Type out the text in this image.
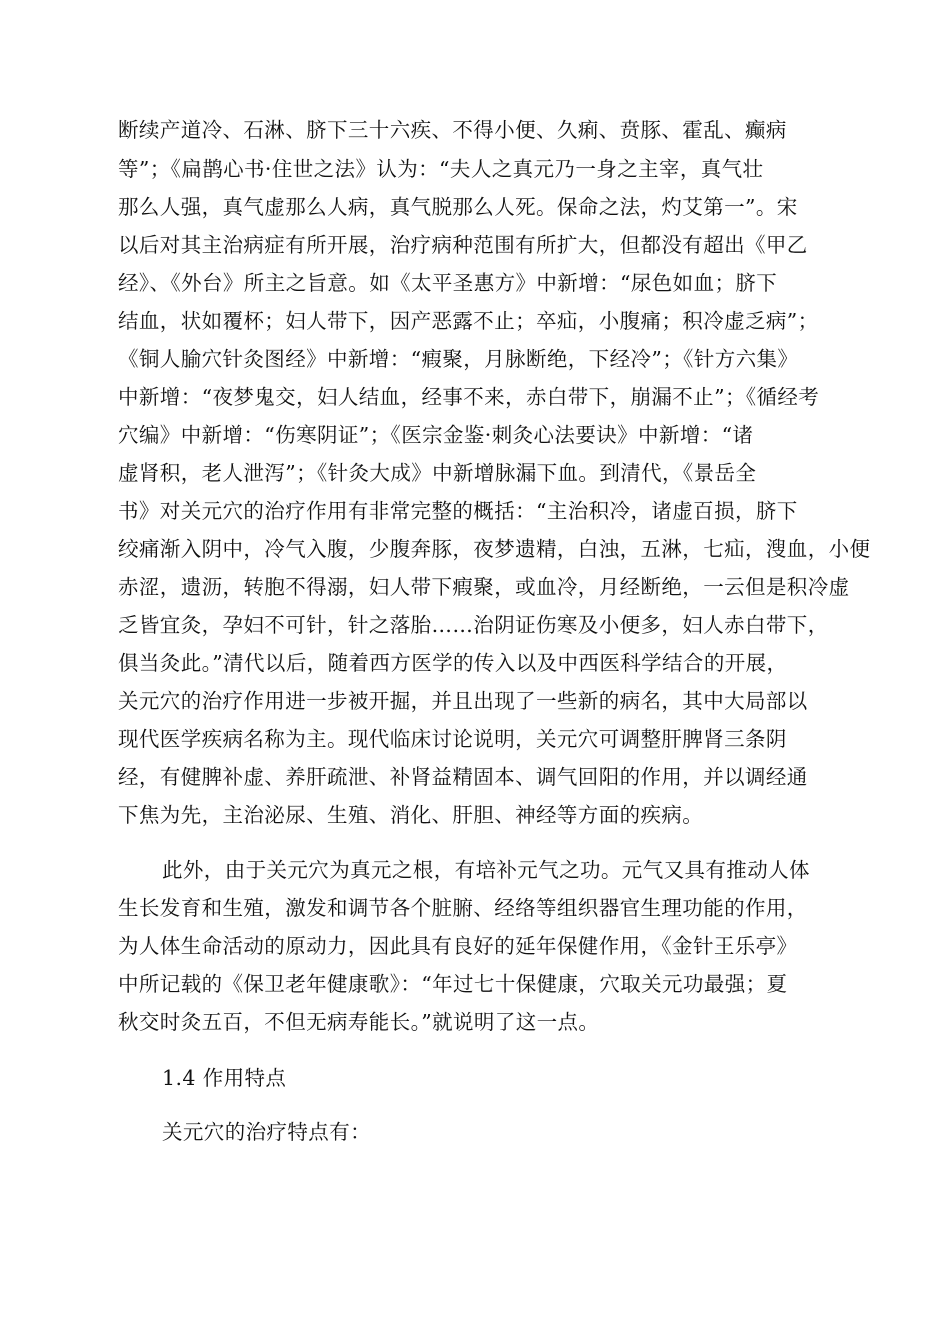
断续产道冷、石淋、脐下三十六疾、不得小便、久痢、贲豚、霍乱、癫病
等”；《扁鹊心书·住世之法》认为：“夫人之真元乃一身之主宰，真气壮
那么人强，真气虚那么人病，真气脱那么人死。保命之法，灼艾第一”。宋
以后对其主治病症有所开展，治疗病种范围有所扩大，但都没有超出《甲乙
经》、《外台》所主之旨意。如《太平圣惠方》中新增：“尿色如血；脐下
结血，状如覆杯；妇人带下，因产恶露不止；卒疝，小腹痛；积冷虚乏病”；
《铜人腧穴针灸图经》中新增：“瘕聚，月脉断绝，下经冷”；《针方六集》
中新增：“夜梦鬼交，妇人结血，经事不来，赤白带下，崩漏不止”；《循经考
穴编》中新增：“伤寒阴证”；《医宗金鉴·刺灸心法要诀》中新增：“诸
虚肾积，老人泄泻”；《针灸大成》中新增脉漏下血。到清代，《景岳全
书》对关元穴的治疗作用有非常完整的概括：“主治积冷，诸虚百损，脐下
绞痛渐入阴中，冷气入腹，少腹奔豚，夜梦遗精，白浊，五淋，七疝，溲血，小便
赤涩，遗沥，转胞不得溺，妇人带下瘕聚，或血冷，月经断绝，一云但是积冷虚
乏皆宜灸，孕妇不可针，针之落胎……治阴证伤寒及小便多，妇人赤白带下，
俱当灸此。”清代以后，随着西方医学的传入以及中西医科学结合的开展，
关元穴的治疗作用进一步被开掘，并且出现了一些新的病名，其中大局部以
现代医学疾病名称为主。现代临床讨论说明，关元穴可调整肝脾肾三条阴
经，有健脾补虚、养肝疏泄、补肾益精固本、调气回阳的作用，并以调经通
下焦为先，主治泌尿、生殖、消化、肝胆、神经等方面的疾病。
此外，由于关元穴为真元之根，有培补元气之功。元气又具有推动人体
生长发育和生殖，激发和调节各个脏腑、经络等组织器官生理功能的作用，
为人体生命活动的原动力，因此具有良好的延年保健作用，《金针王乐亭》
中所记载的《保卫老年健康歌》：“年过七十保健康，穴取关元功最强；夏
秋交时灸五百，不但无病寿能长。”就说明了这一点。
1.4 作用特点
关元穴的治疗特点有：
